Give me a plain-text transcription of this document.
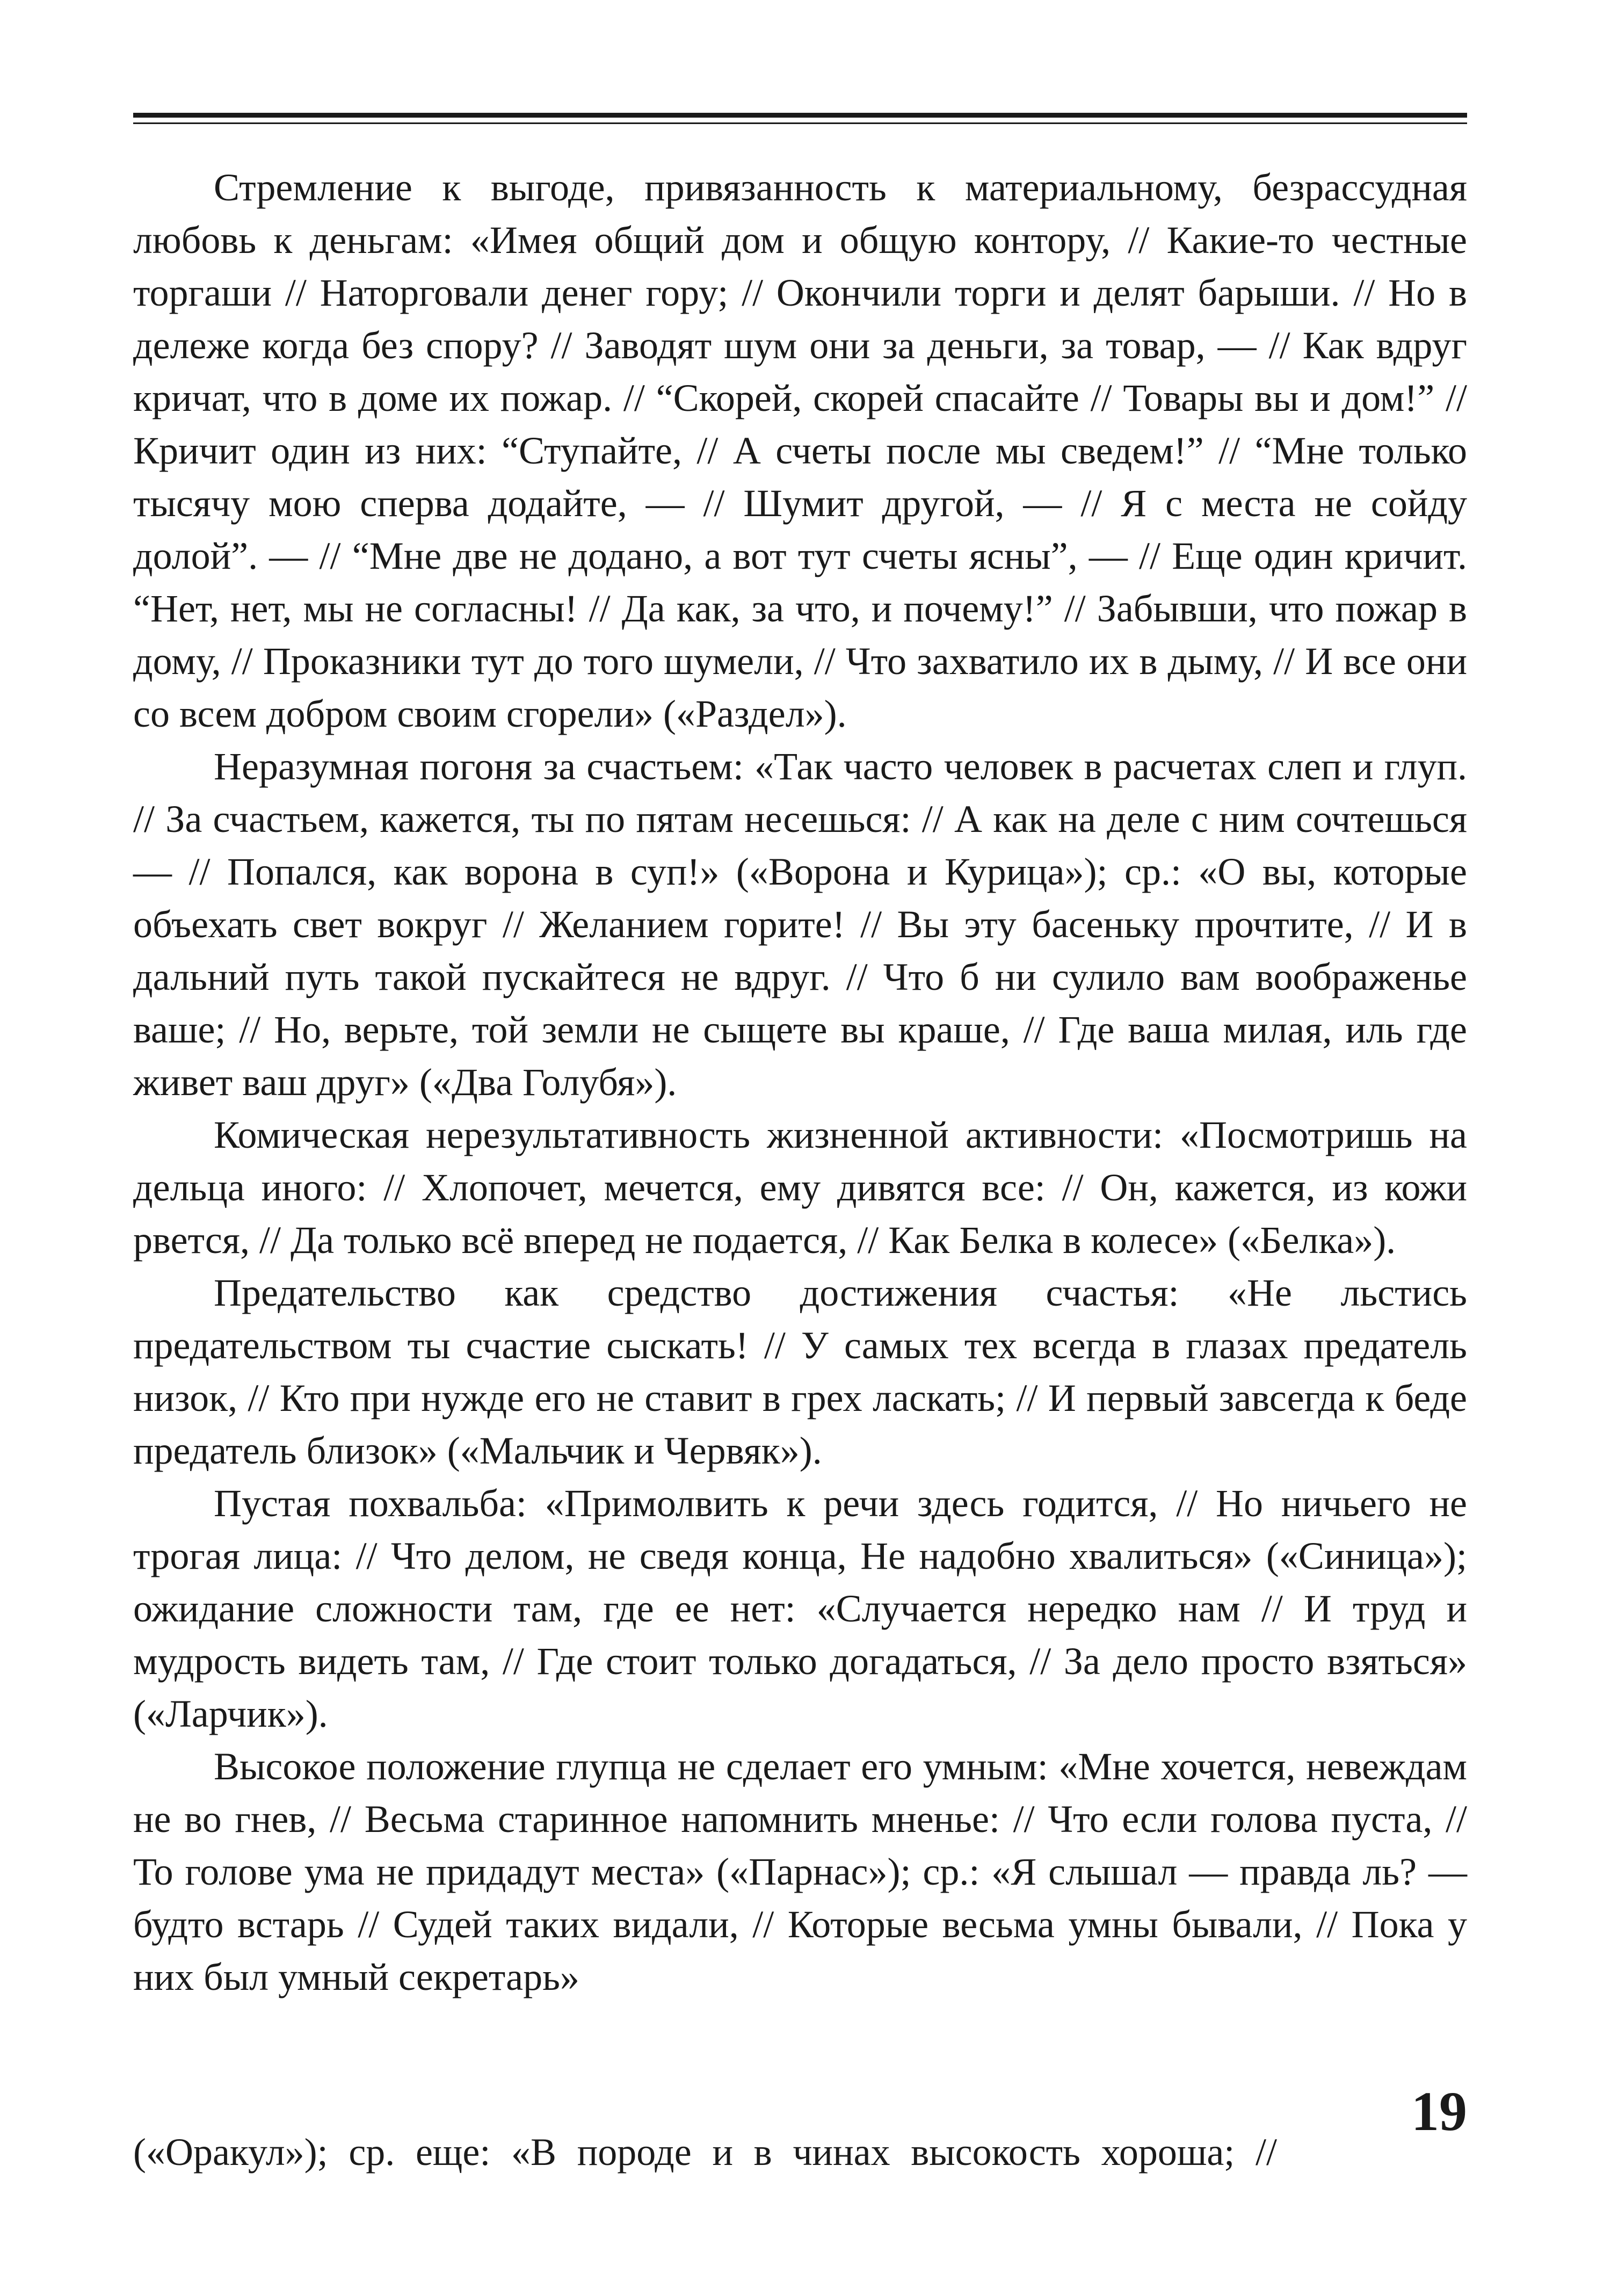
Стремление к выгоде, привязанность к материальному, безрассудная любовь к деньгам: «Имея общий дом и общую контору, // Какие-то честные торгаши // Наторговали денег гору; // Окончили торги и делят барыши. // Но в дележе когда без спору? // Заводят шум они за деньги, за товар, — // Как вдруг кричат, что в доме их пожар. // “Скорей, скорей спасайте // Товары вы и дом!” // Кричит один из них: “Ступайте, // А счеты после мы сведем!” // “Мне только тысячу мою сперва додайте, — // Шумит другой, — // Я с места не сойду долой”. — // “Мне две не додано, а вот тут счеты ясны”, — // Еще один кричит. “Нет, нет, мы не согласны! // Да как, за что, и почему!” // Забывши, что пожар в дому, // Проказники тут до того шумели, // Что захватило их в дыму, // И все они со всем добром своим сгорели» («Раздел»).

Неразумная погоня за счастьем: «Так часто человек в расчетах слеп и глуп. // За счастьем, кажется, ты по пятам несешься: // А как на деле с ним сочтешься — // Попался, как ворона в суп!» («Ворона и Курица»); ср.: «О вы, которые объехать свет вокруг // Желанием горите! // Вы эту басеньку прочтите, // И в дальний путь такой пускайтеся не вдруг. // Что б ни сулило вам воображенье ваше; // Но, верьте, той земли не сыщете вы краше, // Где ваша милая, иль где живет ваш друг» («Два Голубя»).

Комическая нерезультативность жизненной активности: «Посмотришь на дельца иного: // Хлопочет, мечется, ему дивятся все: // Он, кажется, из кожи рвется, // Да только всё вперед не подается, // Как Белка в колесе» («Белка»).

Предательство как средство достижения счастья: «Не льстись предательством ты счастие сыскать! // У самых тех всегда в глазах предатель низок, // Кто при нужде его не ставит в грех ласкать; // И первый завсегда к беде предатель близок» («Мальчик и Червяк»).

Пустая похвальба: «Примолвить к речи здесь годится, // Но ничьего не трогая лица: // Что делом, не сведя конца, Не надобно хвалиться» («Синица»); ожидание сложности там, где ее нет: «Случается нередко нам // И труд и мудрость видеть там, // Где стоит только догадаться, // За дело просто взяться» («Ларчик»).

Высокое положение глупца не сделает его умным: «Мне хочется, невеждам не во гнев, // Весьма старинное напомнить мненье: // Что если голова пуста, // То голове ума не придадут места» («Парнас»); ср.: «Я слышал — правда ль? — будто встарь // Судей таких видали, // Которые весьма умны бывали, // Пока у них был умный секретарь»

(«Оракул»); ср. еще: «В породе и в чинах высокость хороша; //
19
